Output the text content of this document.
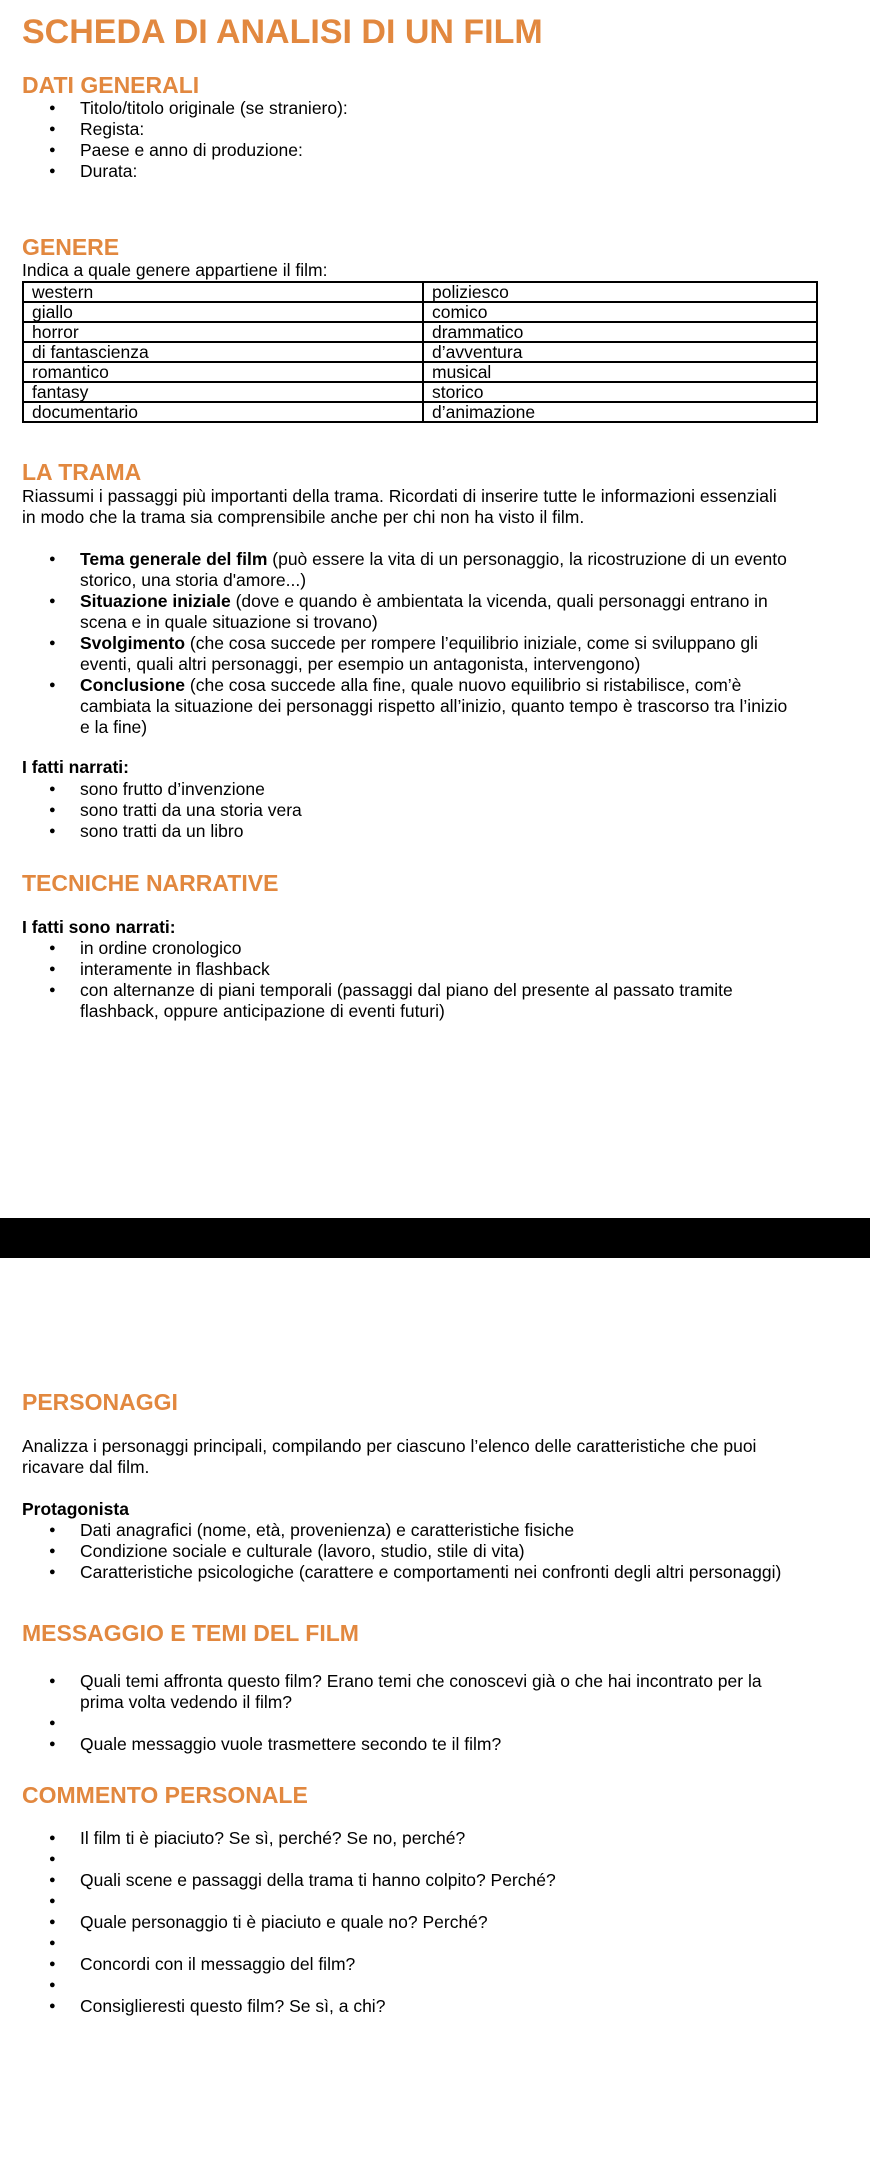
SCHEDA DI ANALISI DI UN FILM
DATI GENERALI
● Titolo/titolo originale (se straniero):
● Regista:
● Paese e anno di produzione:
● Durata:
GENERE

Indica a quale genere appartiene il film:

western	poliziesco
giallo	comico
horror	drammatico
di fantascienza	d’avventura
romantico	musical
fantasy	storico
documentario	d’animazione
LA TRAMA

Riassumi i passaggi più importanti della trama. Ricordati di inserire tutte le informazioni essenziali
in modo che la trama sia comprensibile anche per chi non ha visto il film.

● Tema generale del film (può essere la vita di un personaggio, la ricostruzione di un evento
storico, una storia d'amore...)
● Situazione iniziale (dove e quando è ambientata la vicenda, quali personaggi entrano in
scena e in quale situazione si trovano)
● Svolgimento (che cosa succede per rompere l’equilibrio iniziale, come si sviluppano gli
eventi, quali altri personaggi, per esempio un antagonista, intervengono)
● Conclusione (che cosa succede alla fine, quale nuovo equilibrio si ristabilisce, com’è
cambiata la situazione dei personaggi rispetto all’inizio, quanto tempo è trascorso tra l’inizio
e la fine)

I fatti narrati:

● sono frutto d’invenzione
● sono tratti da una storia vera
● sono tratti da un libro
TECNICHE NARRATIVE

I fatti sono narrati:

● in ordine cronologico
● interamente in flashback
● con alternanze di piani temporali (passaggi dal piano del presente al passato tramite
flashback, oppure anticipazione di eventi futuri)
PERSONAGGI

Analizza i personaggi principali, compilando per ciascuno l’elenco delle caratteristiche che puoi
ricavare dal film.

Protagonista

● Dati anagrafici (nome, età, provenienza) e caratteristiche fisiche
● Condizione sociale e culturale (lavoro, studio, stile di vita)
● Caratteristiche psicologiche (carattere e comportamenti nei confronti degli altri personaggi)
MESSAGGIO E TEMI DEL FILM
● Quali temi affronta questo film? Erano temi che conoscevi già o che hai incontrato per la
prima volta vedendo il film?
●
● Quale messaggio vuole trasmettere secondo te il film?
COMMENTO PERSONALE
● Il film ti è piaciuto? Se sì, perché? Se no, perché?
●
● Quali scene e passaggi della trama ti hanno colpito? Perché?
●
● Quale personaggio ti è piaciuto e quale no? Perché?
●
● Concordi con il messaggio del film?
●
● Consiglieresti questo film? Se sì, a chi?
